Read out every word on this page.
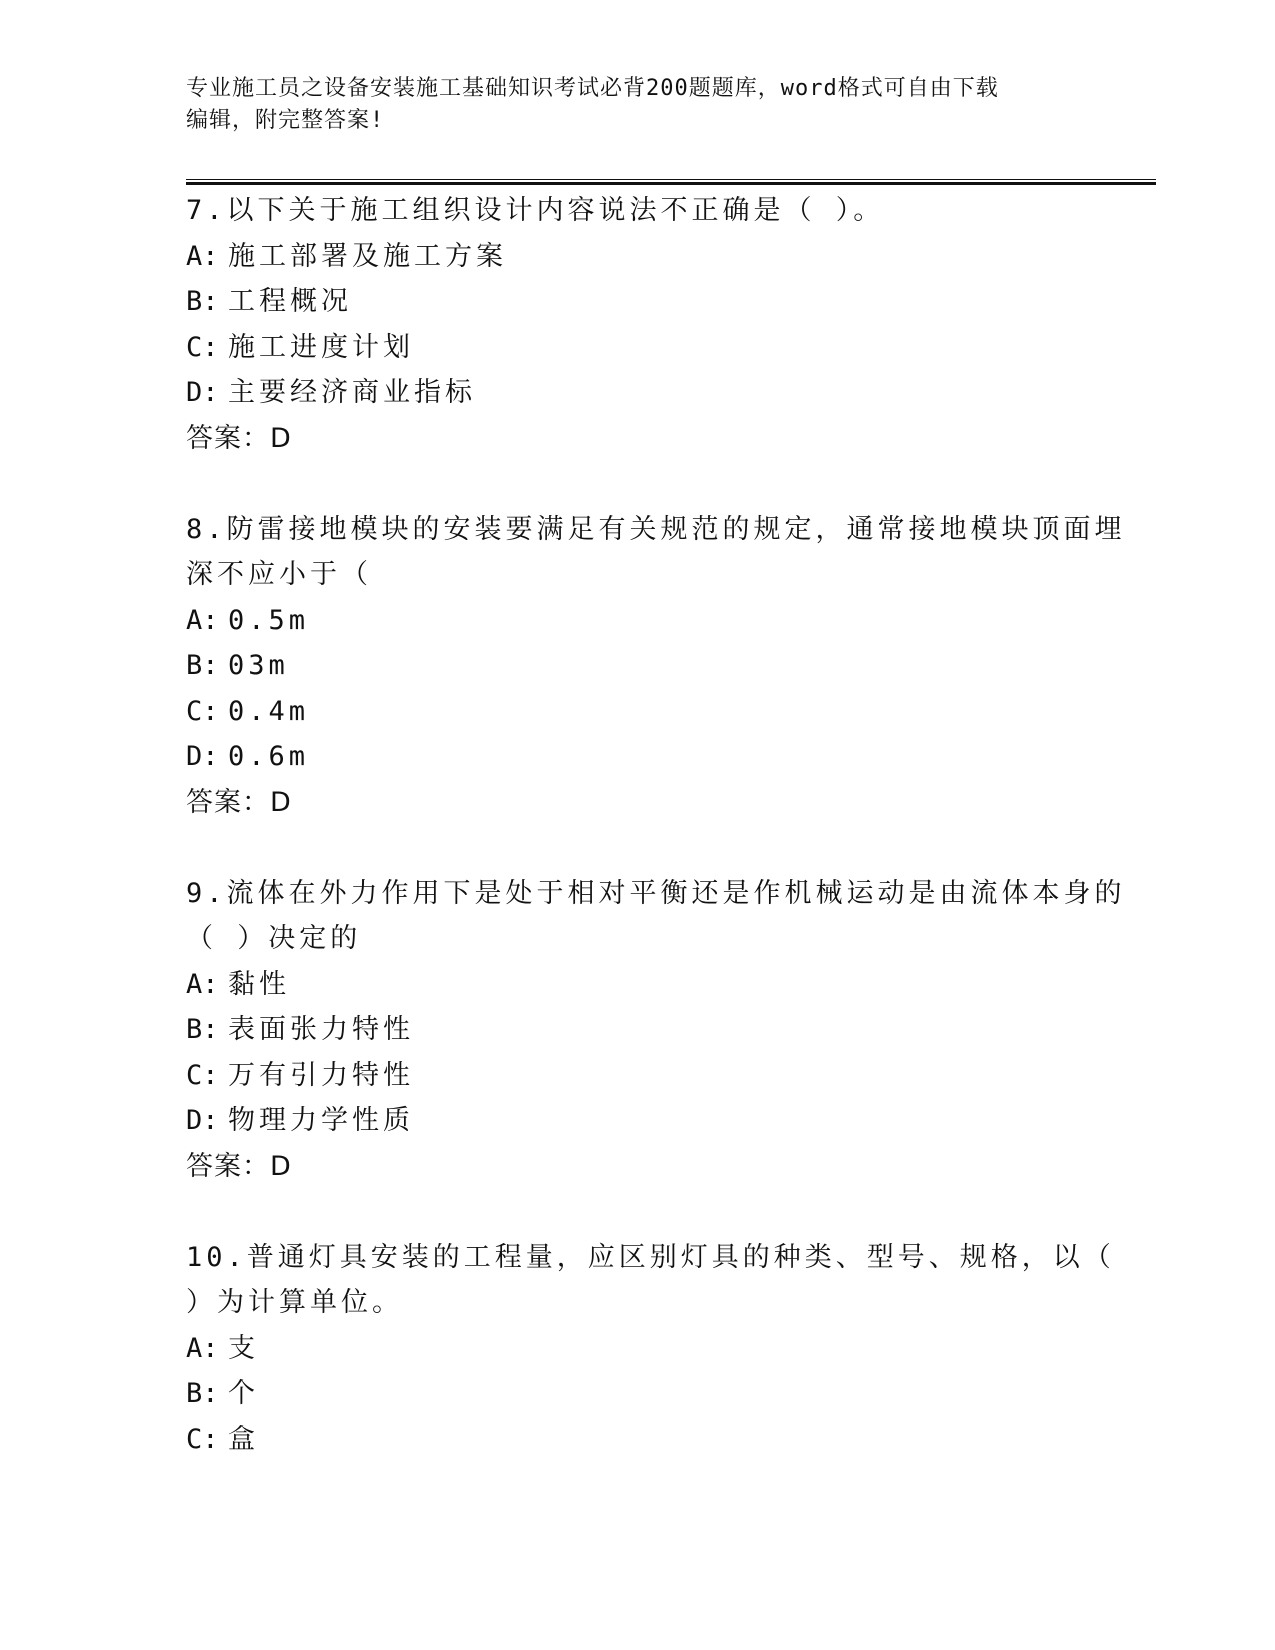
专业施工员之设备安装施工基础知识考试必背200题题库，word格式可自由下载
编辑，附完整答案!
7.以下关于施工组织设计内容说法不正确是（ ）。
A: 施工部署及施工方案
B: 工程概况
C: 施工进度计划
D: 主要经济商业指标
答案：D
8.防雷接地模块的安装要满足有关规范的规定，通常接地模块顶面埋
深不应小于（
A: 0.5m
B: 03m
C: 0.4m
D: 0.6m
答案：D
9.流体在外力作用下是处于相对平衡还是作机械运动是由流体本身的
（ ）决定的
A: 黏性
B: 表面张力特性
C: 万有引力特性
D: 物理力学性质
答案：D
10.普通灯具安装的工程量，应区别灯具的种类、型号、规格，以（
）为计算单位。
A: 支
B: 个
C: 盒
